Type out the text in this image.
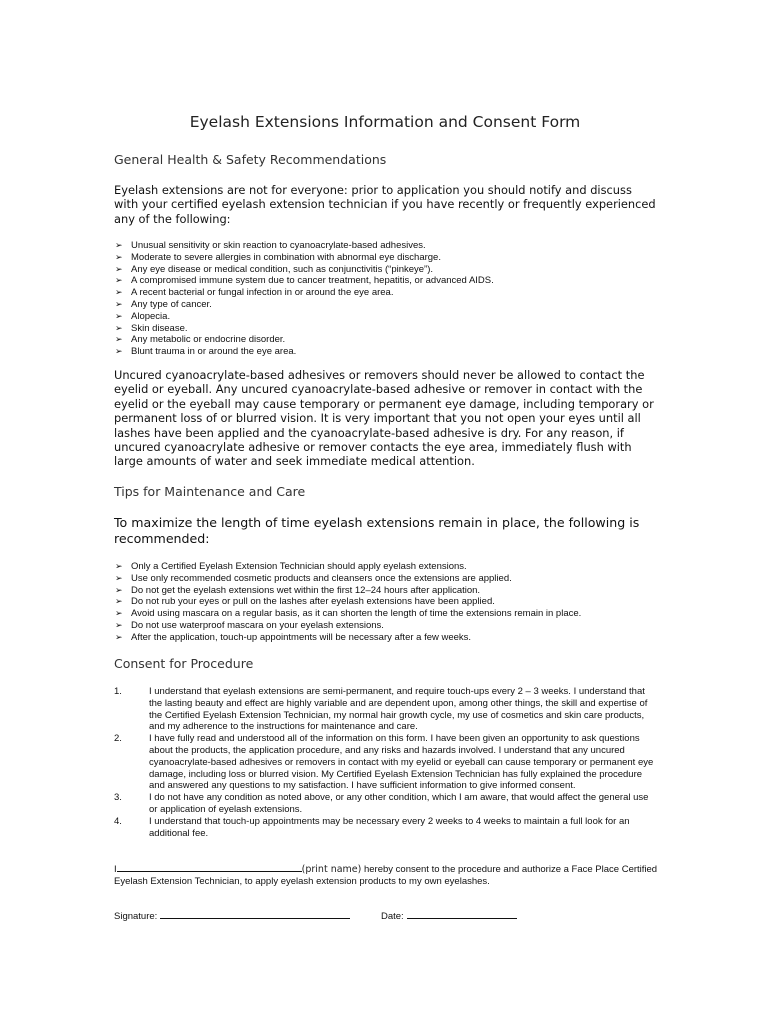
Eyelash Extensions Information and Consent Form
General Health & Safety Recommendations
Eyelash extensions are not for everyone: prior to application you should notify and discuss with your certified eyelash extension technician if you have recently or frequently experienced any of the following:
➢ Unusual sensitivity or skin reaction to cyanoacrylate-based adhesives.
➢ Moderate to severe allergies in combination with abnormal eye discharge.
➢ Any eye disease or medical condition, such as conjunctivitis (“pinkeye”).
➢ A compromised immune system due to cancer treatment, hepatitis, or advanced AIDS.
➢ A recent bacterial or fungal infection in or around the eye area.
➢ Any type of cancer.
➢ Alopecia.
➢ Skin disease.
➢ Any metabolic or endocrine disorder.
➢ Blunt trauma in or around the eye area.
Uncured cyanoacrylate-based adhesives or removers should never be allowed to contact the eyelid or eyeball. Any uncured cyanoacrylate-based adhesive or remover in contact with the eyelid or the eyeball may cause temporary or permanent eye damage, including temporary or permanent loss of or blurred vision. It is very important that you not open your eyes until all lashes have been applied and the cyanoacrylate-based adhesive is dry. For any reason, if uncured cyanoacrylate adhesive or remover contacts the eye area, immediately flush with large amounts of water and seek immediate medical attention.
Tips for Maintenance and Care
To maximize the length of time eyelash extensions remain in place, the following is recommended:
➢ Only a Certified Eyelash Extension Technician should apply eyelash extensions.
➢ Use only recommended cosmetic products and cleansers once the extensions are applied.
➢ Do not get the eyelash extensions wet within the first 12–24 hours after application.
➢ Do not rub your eyes or pull on the lashes after eyelash extensions have been applied.
➢ Avoid using mascara on a regular basis, as it can shorten the length of time the extensions remain in place.
➢ Do not use waterproof mascara on your eyelash extensions.
➢ After the application, touch-up appointments will be necessary after a few weeks.
Consent for Procedure
1.	I understand that eyelash extensions are semi-permanent, and require touch-ups every 2 – 3 weeks. I understand that the lasting beauty and effect are highly variable and are dependent upon, among other things, the skill and expertise of the Certified Eyelash Extension Technician, my normal hair growth cycle, my use of cosmetics and skin care products, and my adherence to the instructions for maintenance and care.
2.	I have fully read and understood all of the information on this form. I have been given an opportunity to ask questions about the products, the application procedure, and any risks and hazards involved. I understand that any uncured cyanoacrylate-based adhesives or removers in contact with my eyelid or eyeball can cause temporary or permanent eye damage, including loss or blurred vision. My Certified Eyelash Extension Technician has fully explained the procedure and answered any questions to my satisfaction. I have sufficient information to give informed consent.
3.	I do not have any condition as noted above, or any other condition, which I am aware, that would affect the general use or application of eyelash extensions.
4.	I understand that touch-up appointments may be necessary every 2 weeks to 4 weeks to maintain a full look for an additional fee.
I	(print name) hereby consent to the procedure and authorize a Face Place Certified Eyelash Extension Technician, to apply eyelash extension products to my own eyelashes.
Signature:	Date:
